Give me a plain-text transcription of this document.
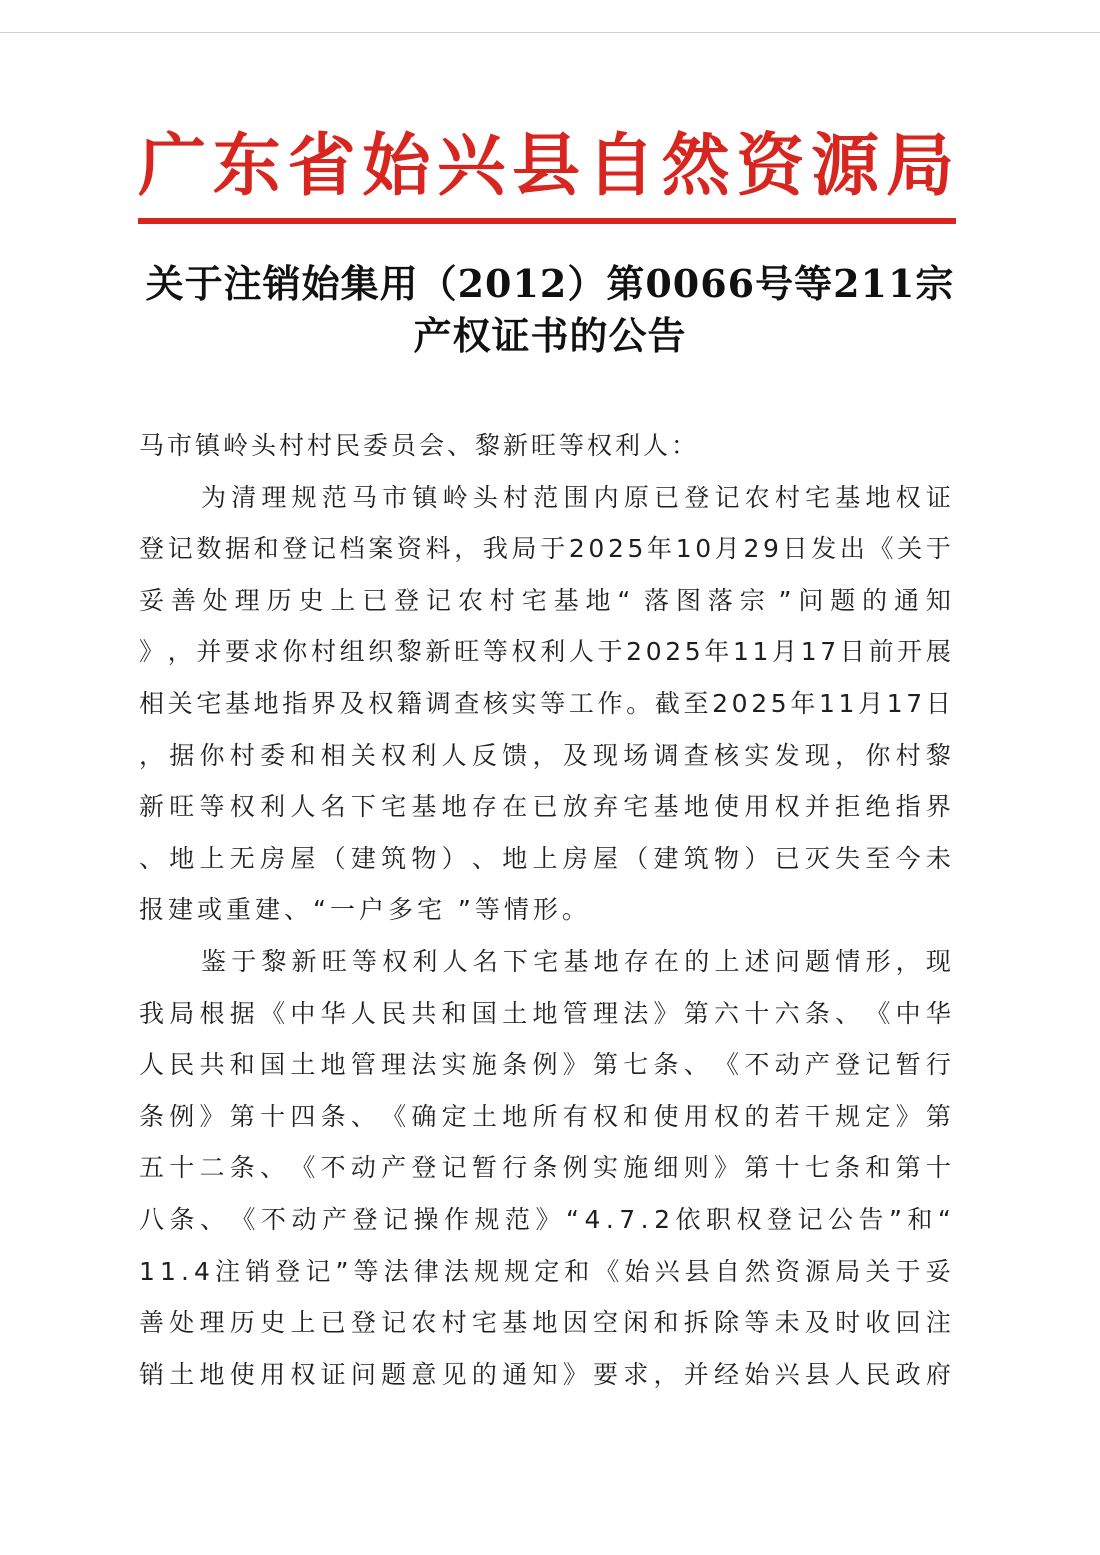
广 东 省 始 兴 县 自 然 资 源 局
关于注销始集用（2012）第0066号等211宗
产权证书的公告
马市镇岭头村村民委员会、黎新旺等权利人：
为 清 理 规 范 马 市 镇 岭 头 村 范 围 内 原 已 登 记 农 村 宅 基 地 权 证
登 记 数 据 和 登 记 档 案 资 料 ， 我 局 于 2 0 2 5 年 1 0 月 2 9 日 发 出 《 关 于
妥 善 处 理 历 史 上 已 登 记 农 村 宅 基 地 “ 落 图 落 宗 ” 问 题 的 通 知
》 ， 并 要 求 你 村 组 织 黎 新 旺 等 权 利 人 于 2 0 2 5 年 1 1 月 1 7 日 前 开 展
相 关 宅 基 地 指 界 及 权 籍 调 查 核 实 等 工 作 。 截 至 2 0 2 5 年 1 1 月 1 7 日
， 据 你 村 委 和 相 关 权 利 人 反 馈 ， 及 现 场 调 查 核 实 发 现 ， 你 村 黎
新 旺 等 权 利 人 名 下 宅 基 地 存 在 已 放 弃 宅 基 地 使 用 权 并 拒 绝 指 界
、 地 上 无 房 屋 （ 建 筑 物 ） 、 地 上 房 屋 （ 建 筑 物 ） 已 灭 失 至 今 未
报建或重建、“一户多宅 ”等情形。
鉴 于 黎 新 旺 等 权 利 人 名 下 宅 基 地 存 在 的 上 述 问 题 情 形 ， 现
我 局 根 据 《 中 华 人 民 共 和 国 土 地 管 理 法 》 第 六 十 六 条 、 《 中 华
人 民 共 和 国 土 地 管 理 法 实 施 条 例 》 第 七 条 、 《 不 动 产 登 记 暂 行
条 例 》 第 十 四 条 、 《 确 定 土 地 所 有 权 和 使 用 权 的 若 干 规 定 》 第
五 十 二 条 、 《 不 动 产 登 记 暂 行 条 例 实 施 细 则 》 第 十 七 条 和 第 十
八 条 、 《 不 动 产 登 记 操 作 规 范 》 “ 4 . 7 . 2 依 职 权 登 记 公 告 ” 和 “
1 1 . 4 注 销 登 记 ” 等 法 律 法 规 规 定 和 《 始 兴 县 自 然 资 源 局 关 于 妥
善 处 理 历 史 上 已 登 记 农 村 宅 基 地 因 空 闲 和 拆 除 等 未 及 时 收 回 注
销 土 地 使 用 权 证 问 题 意 见 的 通 知 》 要 求 ， 并 经 始 兴 县 人 民 政 府
